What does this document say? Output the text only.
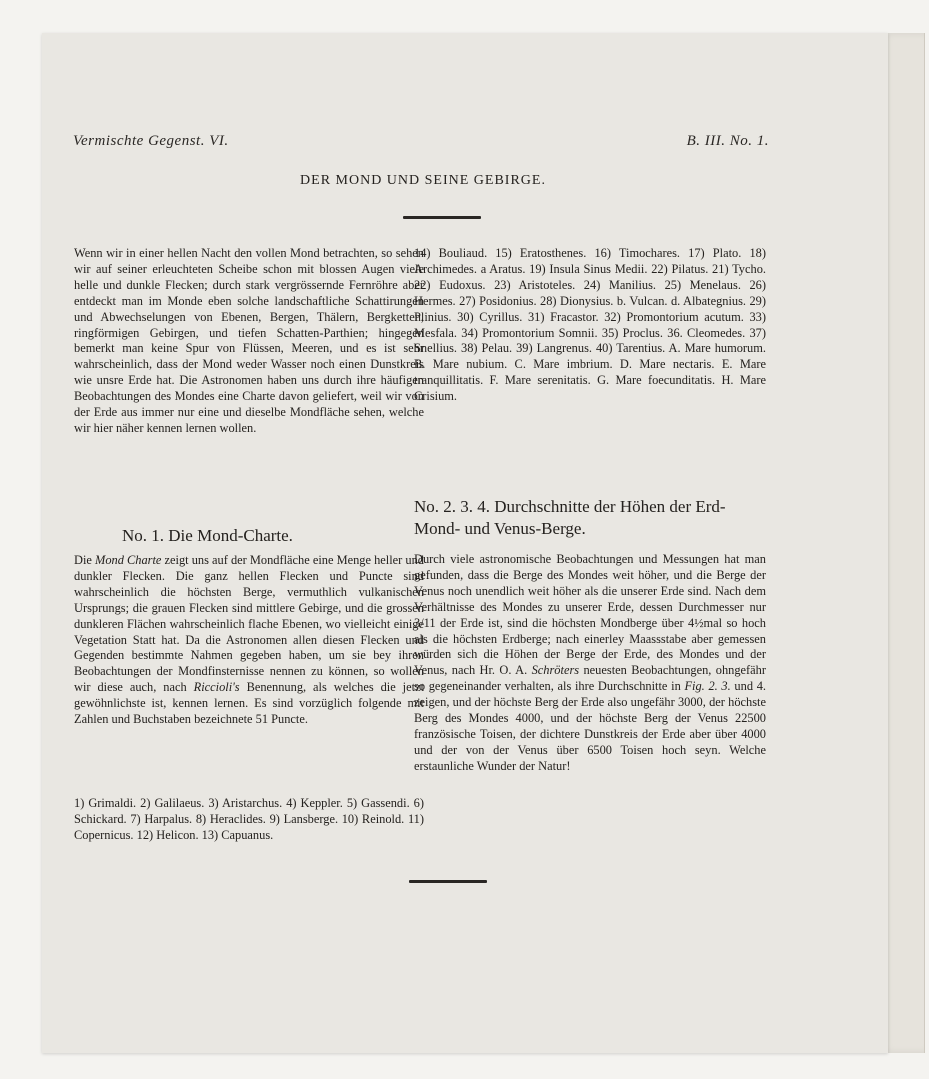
Vermischte Gegenst. VI.	B. III. No. 1.
DER MOND UND SEINE GEBIRGE.

Wenn wir in einer hellen Nacht den vollen Mond betrachten, so sehen wir auf seiner erleuchteten Scheibe schon mit blossen Augen viele helle und dunkle Flecken; durch stark vergrössernde Fernröhre aber entdeckt man im Monde eben solche landschaftliche Schattirungen und Abwechselungen von Ebenen, Bergen, Thälern, Bergketten, ringförmigen Gebirgen, und tiefen Schatten-Parthien; hingegen bemerkt man keine Spur von Flüssen, Meeren, und es ist sehr wahrscheinlich, dass der Mond weder Wasser noch einen Dunstkreis wie unsre Erde hat. Die Astronomen haben uns durch ihre häufigen Beobachtungen des Mondes eine Charte davon geliefert, weil wir von der Erde aus immer nur eine und dieselbe Mondfläche sehen, welche wir hier näher kennen lernen wollen.

No. 1. Die Mond-Charte.

Die Mond Charte zeigt uns auf der Mondfläche eine Menge heller und dunkler Flecken. Die ganz hellen Flecken und Puncte sind wahrscheinlich die höchsten Berge, vermuthlich vulkanischen Ursprungs; die grauen Flecken sind mittlere Gebirge, und die grossen dunkleren Flächen wahrscheinlich flache Ebenen, wo vielleicht einige Vegetation Statt hat. Da die Astronomen allen diesen Flecken und Gegenden bestimmte Nahmen gegeben haben, um sie bey ihren Beobachtungen der Mondfinsternisse nennen zu können, so wollen wir diese auch, nach Riccioli's Benennung, als welches die jetzt gewöhnlichste ist, kennen lernen. Es sind vorzüglich folgende mit Zahlen und Buchstaben bezeichnete 51 Puncte.

1) Grimaldi. 2) Galilaeus. 3) Aristarchus. 4) Keppler. 5) Gassendi. 6) Schickard. 7) Harpalus. 8) Heraclides. 9) Lansberge. 10) Reinold. 11) Copernicus. 12) Helicon. 13) Capuanus.

14) Bouliaud. 15) Eratosthenes. 16) Timochares. 17) Plato. 18) Archimedes. a Aratus. 19) Insula Sinus Medii. 22) Pilatus. 21) Tycho. 22) Eudoxus. 23) Aristoteles. 24) Manilius. 25) Menelaus. 26) Hermes. 27) Posidonius. 28) Dionysius. b. Vulcan. d. Albategnius. 29) Plinius. 30) Cyrillus. 31) Fracastor. 32) Promontorium acutum. 33) Mesfala. 34) Promontorium Somnii. 35) Proclus. 36. Cleomedes. 37) Snellius. 38) Pelau. 39) Langrenus. 40) Tarentius. A. Mare humorum. B. Mare nubium. C. Mare imbrium. D. Mare nectaris. E. Mare tranquillitatis. F. Mare serenitatis. G. Mare foecunditatis. H. Mare Crisium.

No. 2. 3. 4. Durchschnitte der Höhen der Erd- Mond- und Venus-Berge.

Durch viele astronomische Beobachtungen und Messungen hat man gefunden, dass die Berge des Mondes weit höher, und die Berge der Venus noch unendlich weit höher als die unserer Erde sind. Nach dem Verhältnisse des Mondes zu unserer Erde, dessen Durchmesser nur 3/11 der Erde ist, sind die höchsten Mondberge über 4½mal so hoch als die höchsten Erdberge; nach einerley Maassstabe aber gemessen würden sich die Höhen der Berge der Erde, des Mondes und der Venus, nach Hr. O. A. Schröters neuesten Beobachtungen, ohngefähr so gegeneinander verhalten, als ihre Durchschnitte in Fig. 2. 3. und 4. zeigen, und der höchste Berg der Erde also ungefähr 3000, der höchste Berg des Mondes 4000, und der höchste Berg der Venus 22500 französische Toisen, der dichtere Dunstkreis der Erde aber über 4000 und der von der Venus über 6500 Toisen hoch seyn. Welche erstaunliche Wunder der Natur!
